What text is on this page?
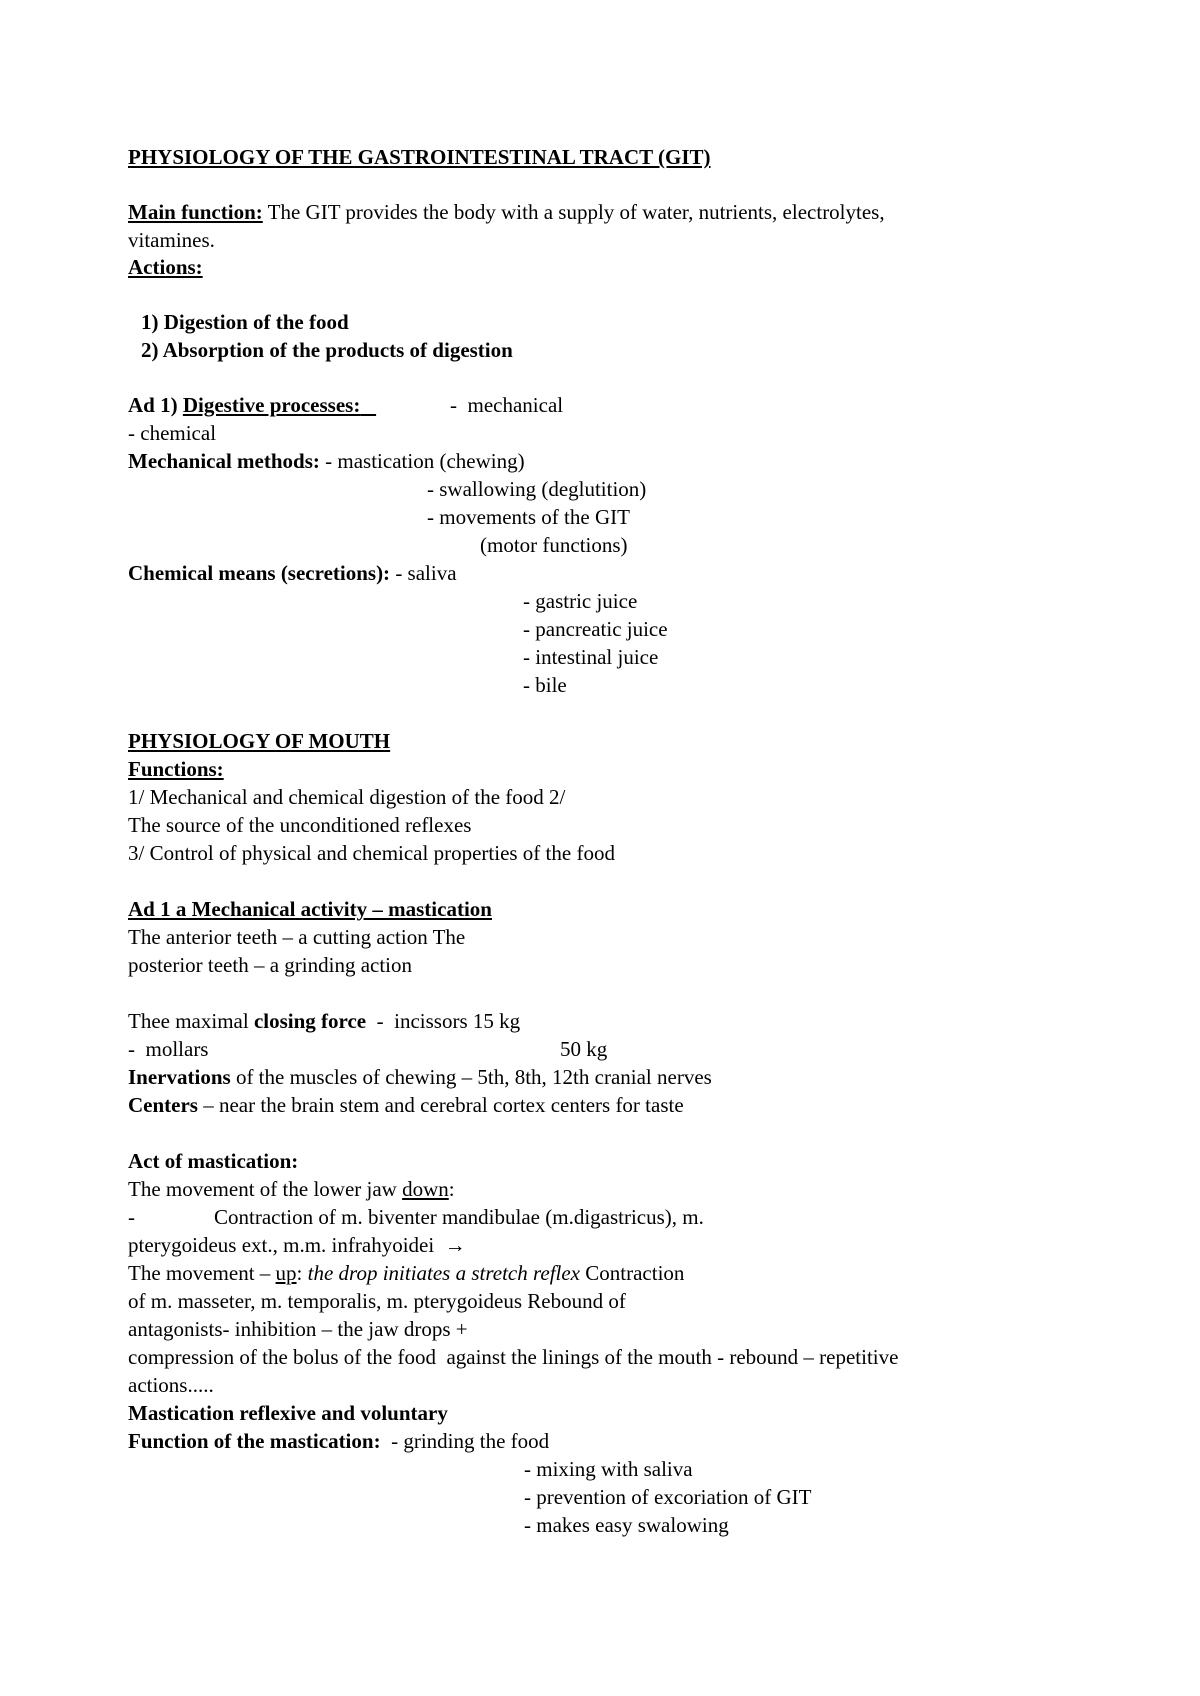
PHYSIOLOGY OF THE GASTROINTESTINAL TRACT (GIT)
Main function: The GIT provides the body with a supply of water, nutrients, electrolytes,
vitamines.
Actions:
1) Digestion of the food
2) Absorption of the products of digestion
Ad 1) Digestive processes:	-  mechanical
- chemical
Mechanical methods: - mastication (chewing)
- swallowing (deglutition)
- movements of the GIT
(motor functions)
Chemical means (secretions): - saliva
- gastric juice
- pancreatic juice
- intestinal juice
- bile
PHYSIOLOGY OF MOUTH
Functions:
1/ Mechanical and chemical digestion of the food 2/
The source of the unconditioned reflexes
3/ Control of physical and chemical properties of the food
Ad 1 a Mechanical activity – mastication
The anterior teeth – a cutting action The
posterior teeth – a grinding action
Thee maximal closing force  -  incissors 15 kg
-  mollars	50 kg
Inervations of the muscles of chewing – 5th, 8th, 12th cranial nerves
Centers – near the brain stem and cerebral cortex centers for taste
Act of mastication:
The movement of the lower jaw down:
-	Contraction of m. biventer mandibulae (m.digastricus), m.
pterygoideus ext., m.m. infrahyoidei  →
The movement – up: the drop initiates a stretch reflex Contraction
of m. masseter, m. temporalis, m. pterygoideus Rebound of
antagonists- inhibition – the jaw drops +
compression of the bolus of the food  against the linings of the mouth - rebound – repetitive
actions.....
Mastication reflexive and voluntary
Function of the mastication:  - grinding the food
- mixing with saliva
- prevention of excoriation of GIT
- makes easy swalowing
